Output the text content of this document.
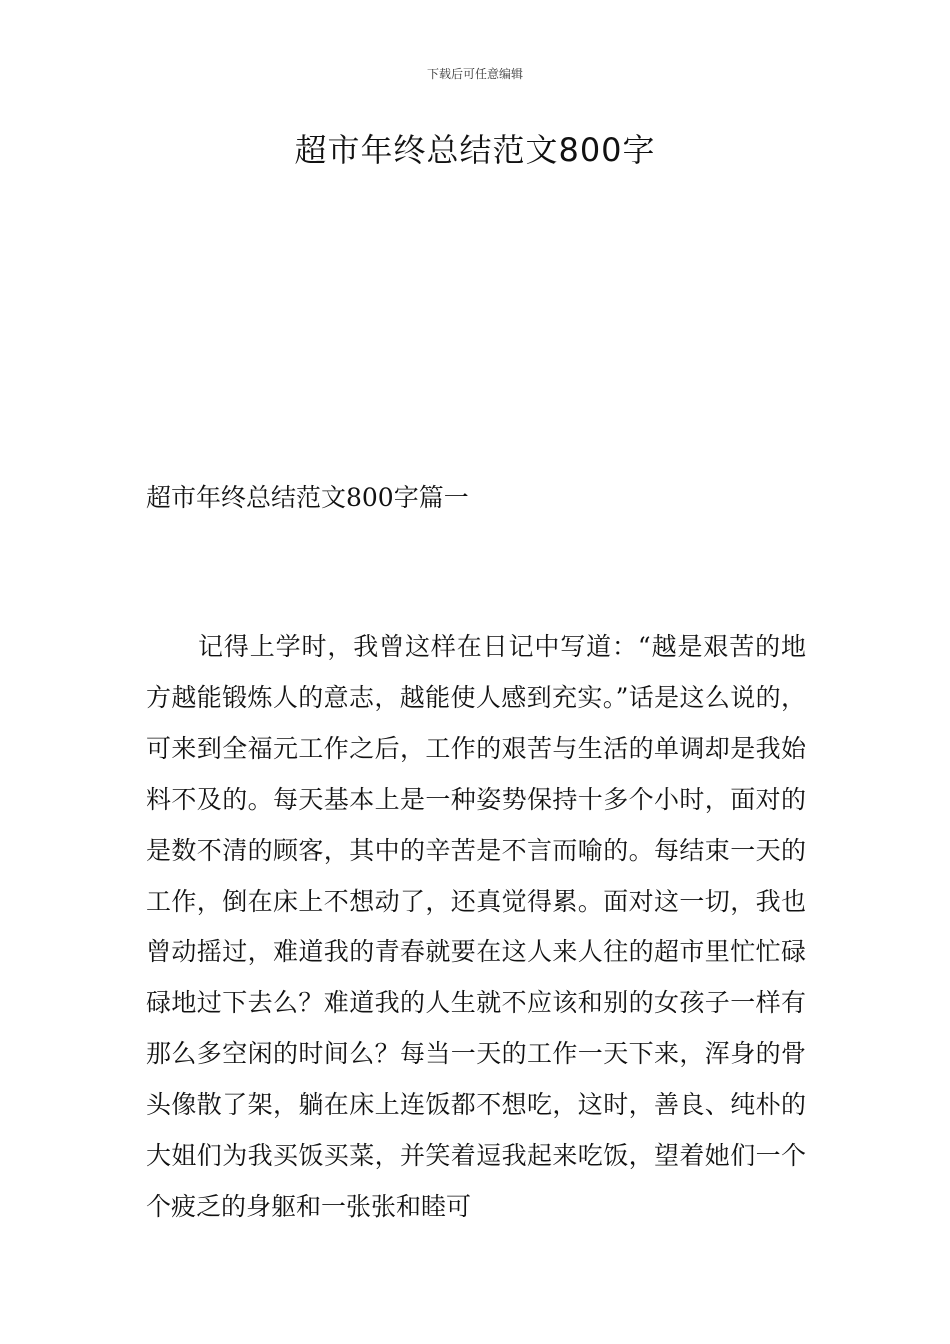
下载后可任意编辑
超市年终总结范文800字
超市年终总结范文800字篇一

记得上学时，我曾这样在日记中写道：“越是艰苦的地方越能锻炼人的意志，越能使人感到充实。”话是这么说的，可来到全福元工作之后，工作的艰苦与生活的单调却是我始料不及的。每天基本上是一种姿势保持十多个小时，面对的是数不清的顾客，其中的辛苦是不言而喻的。每结束一天的工作，倒在床上不想动了，还真觉得累。面对这一切，我也曾动摇过，难道我的青春就要在这人来人往的超市里忙忙碌碌地过下去么？难道我的人生就不应该和别的女孩子一样有那么多空闲的时间么？每当一天的工作一天下来，浑身的骨头像散了架，躺在床上连饭都不想吃，这时，善良、纯朴的大姐们为我买饭买菜，并笑着逗我起来吃饭，望着她们一个个疲乏的身躯和一张张和睦可
